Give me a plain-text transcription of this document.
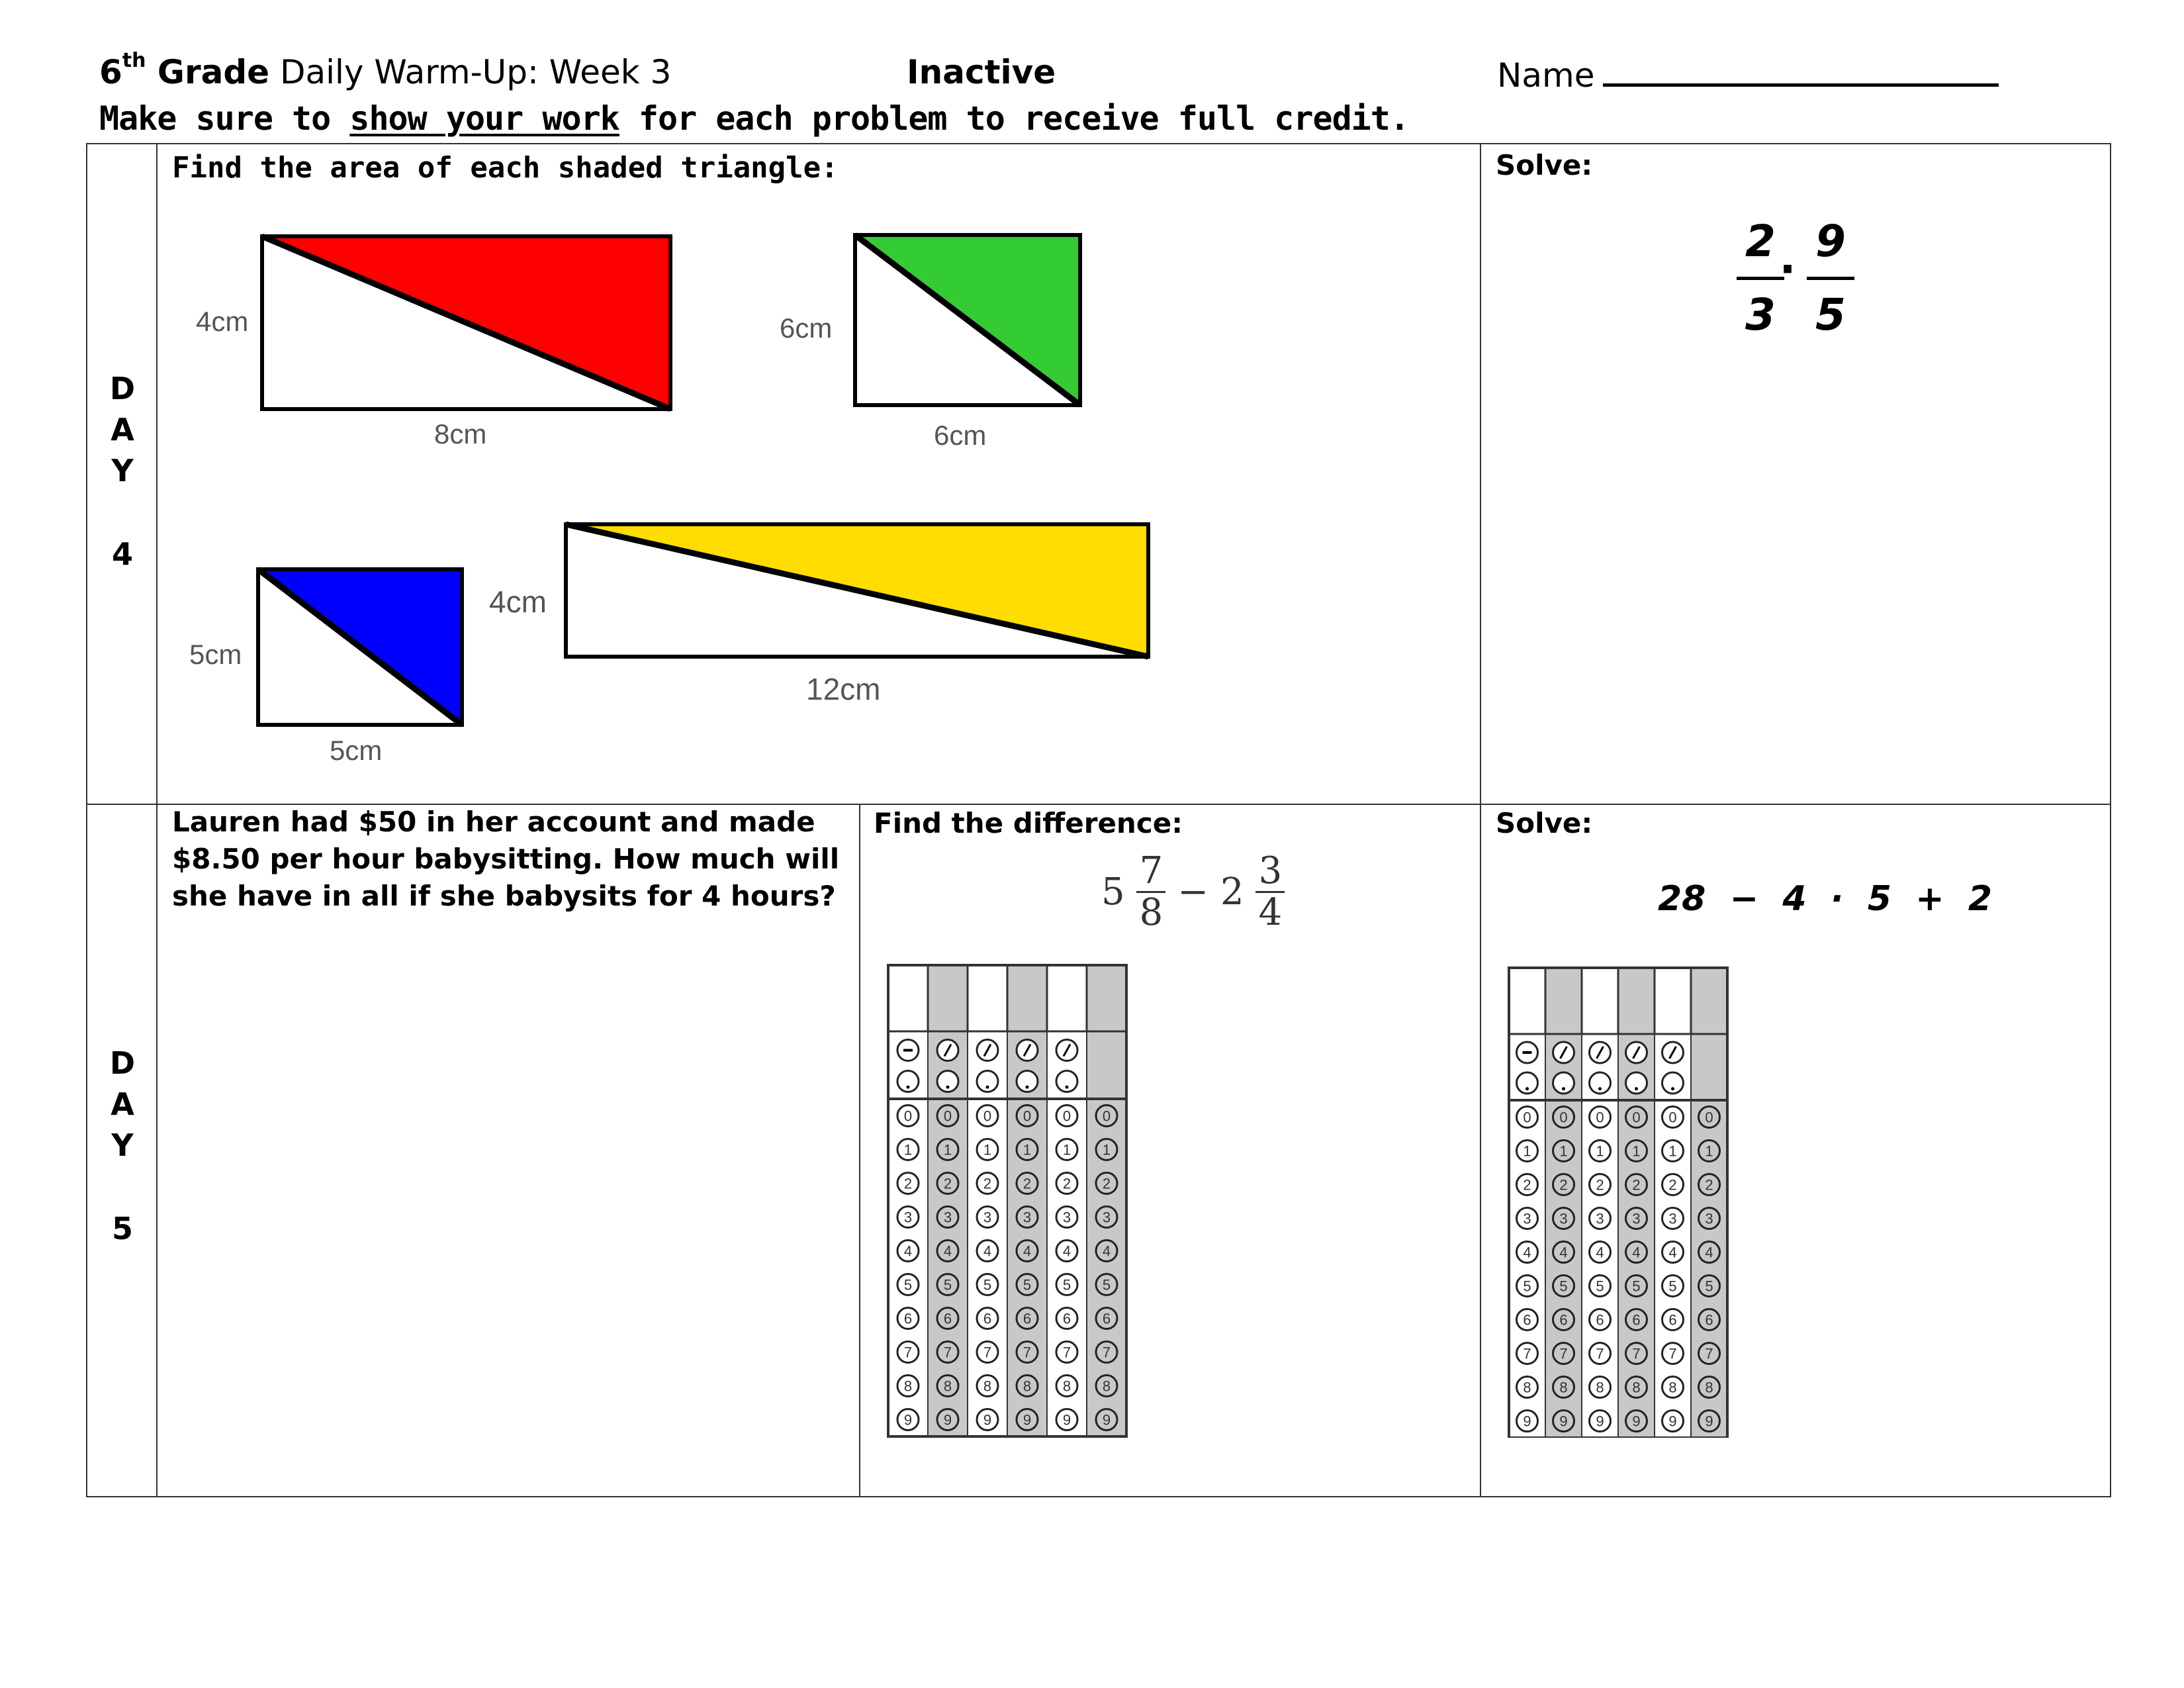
6th Grade Daily Warm-Up: Week 3	Inactive	Name
Make sure to show your work for each problem to receive full credit.
D
A
Y
4
Find the area of each shaded triangle:
4cm
8cm
6cm
6cm
5cm
5cm
4cm
12cm
Solve:
2
3
·
9
5
D
A
Y
5
Lauren had $50 in her account and made $8.50 per hour babysitting. How much will she have in all if she babysits for 4 hours?
Find the difference:
$5 \frac{7}{8} - 2 \frac{3}{4}$
Solve:
28  −  4  ·  5  +  2
0 0 0 0 0 0
1 1 1 1 1 1
2 2 2 2 2 2
3 3 3 3 3 3
4 4 4 4 4 4
5 5 5 5 5 5
6 6 6 6 6 6
7 7 7 7 7 7
8 8 8 8 8 8
9 9 9 9 9 9
0 0 0 0 0 0
1 1 1 1 1 1
2 2 2 2 2 2
3 3 3 3 3 3
4 4 4 4 4 4
5 5 5 5 5 5
6 6 6 6 6 6
7 7 7 7 7 7
8 8 8 8 8 8
9 9 9 9 9 9
